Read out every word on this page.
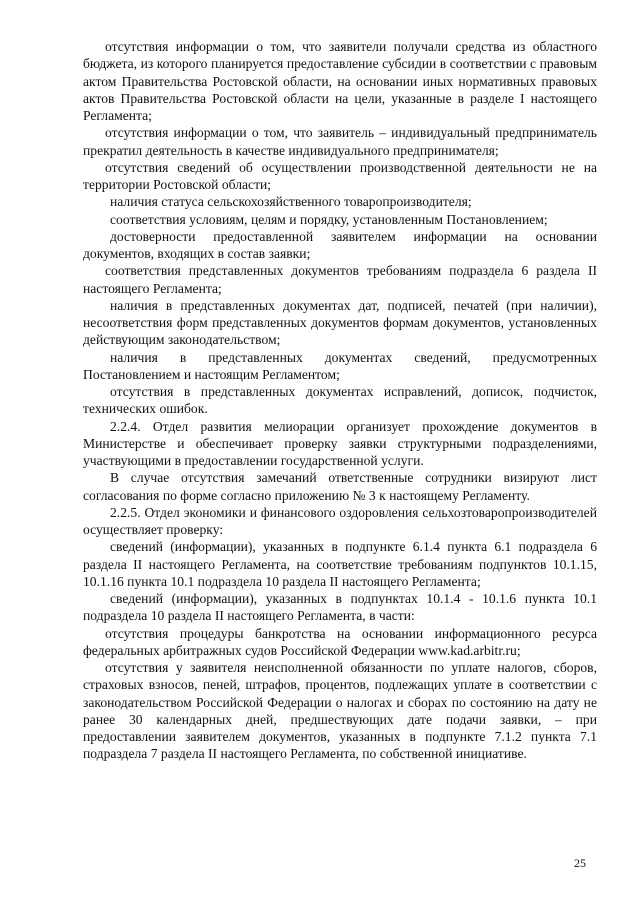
отсутствия информации о том, что заявители получали средства из областного бюджета, из которого планируется предоставление субсидии в соответствии с правовым актом Правительства Ростовской области, на основании иных нормативных правовых актов Правительства Ростовской области на цели, указанные в разделе I настоящего Регламента;

отсутствия информации о том, что заявитель – индивидуальный предприниматель прекратил деятельность в качестве индивидуального предпринимателя;

отсутствия сведений об осуществлении производственной деятельности не на территории Ростовской области;

наличия статуса сельскохозяйственного товаропроизводителя;

соответствия условиям, целям и порядку, установленным Постановлением;

достоверности предоставленной заявителем информации на основании документов, входящих в состав заявки;

соответствия представленных документов требованиям подраздела 6 раздела II настоящего Регламента;

наличия в представленных документах дат, подписей, печатей (при наличии), несоответствия форм представленных документов формам документов, установленных действующим законодательством;

наличия в представленных документах сведений, предусмотренных Постановлением и настоящим Регламентом;

отсутствия в представленных документах исправлений, дописок, подчисток, технических ошибок.

2.2.4. Отдел развития мелиорации организует прохождение документов в Министерстве и обеспечивает проверку заявки структурными подразделениями, участвующими в предоставлении государственной услуги.

В случае отсутствия замечаний ответственные сотрудники визируют лист согласования по форме согласно приложению № 3 к настоящему Регламенту.

2.2.5. Отдел экономики и финансового оздоровления сельхозтоваропроизводителей осуществляет проверку:

сведений (информации), указанных в подпункте 6.1.4 пункта 6.1 подраздела 6 раздела II настоящего Регламента, на соответствие требованиям подпунктов 10.1.15, 10.1.16 пункта 10.1 подраздела 10 раздела II настоящего Регламента;

сведений (информации), указанных в подпунктах 10.1.4 - 10.1.6 пункта 10.1 подраздела 10 раздела II настоящего Регламента, в части:

отсутствия процедуры банкротства на основании информационного ресурса федеральных арбитражных судов Российской Федерации www.kad.arbitr.ru;

отсутствия у заявителя неисполненной обязанности по уплате налогов, сборов, страховых взносов, пеней, штрафов, процентов, подлежащих уплате в соответствии с законодательством Российской Федерации о налогах и сборах по состоянию на дату не ранее 30 календарных дней, предшествующих дате подачи заявки, – при предоставлении заявителем документов, указанных в подпункте 7.1.2 пункта 7.1 подраздела 7 раздела II настоящего Регламента, по собственной инициативе.

25
